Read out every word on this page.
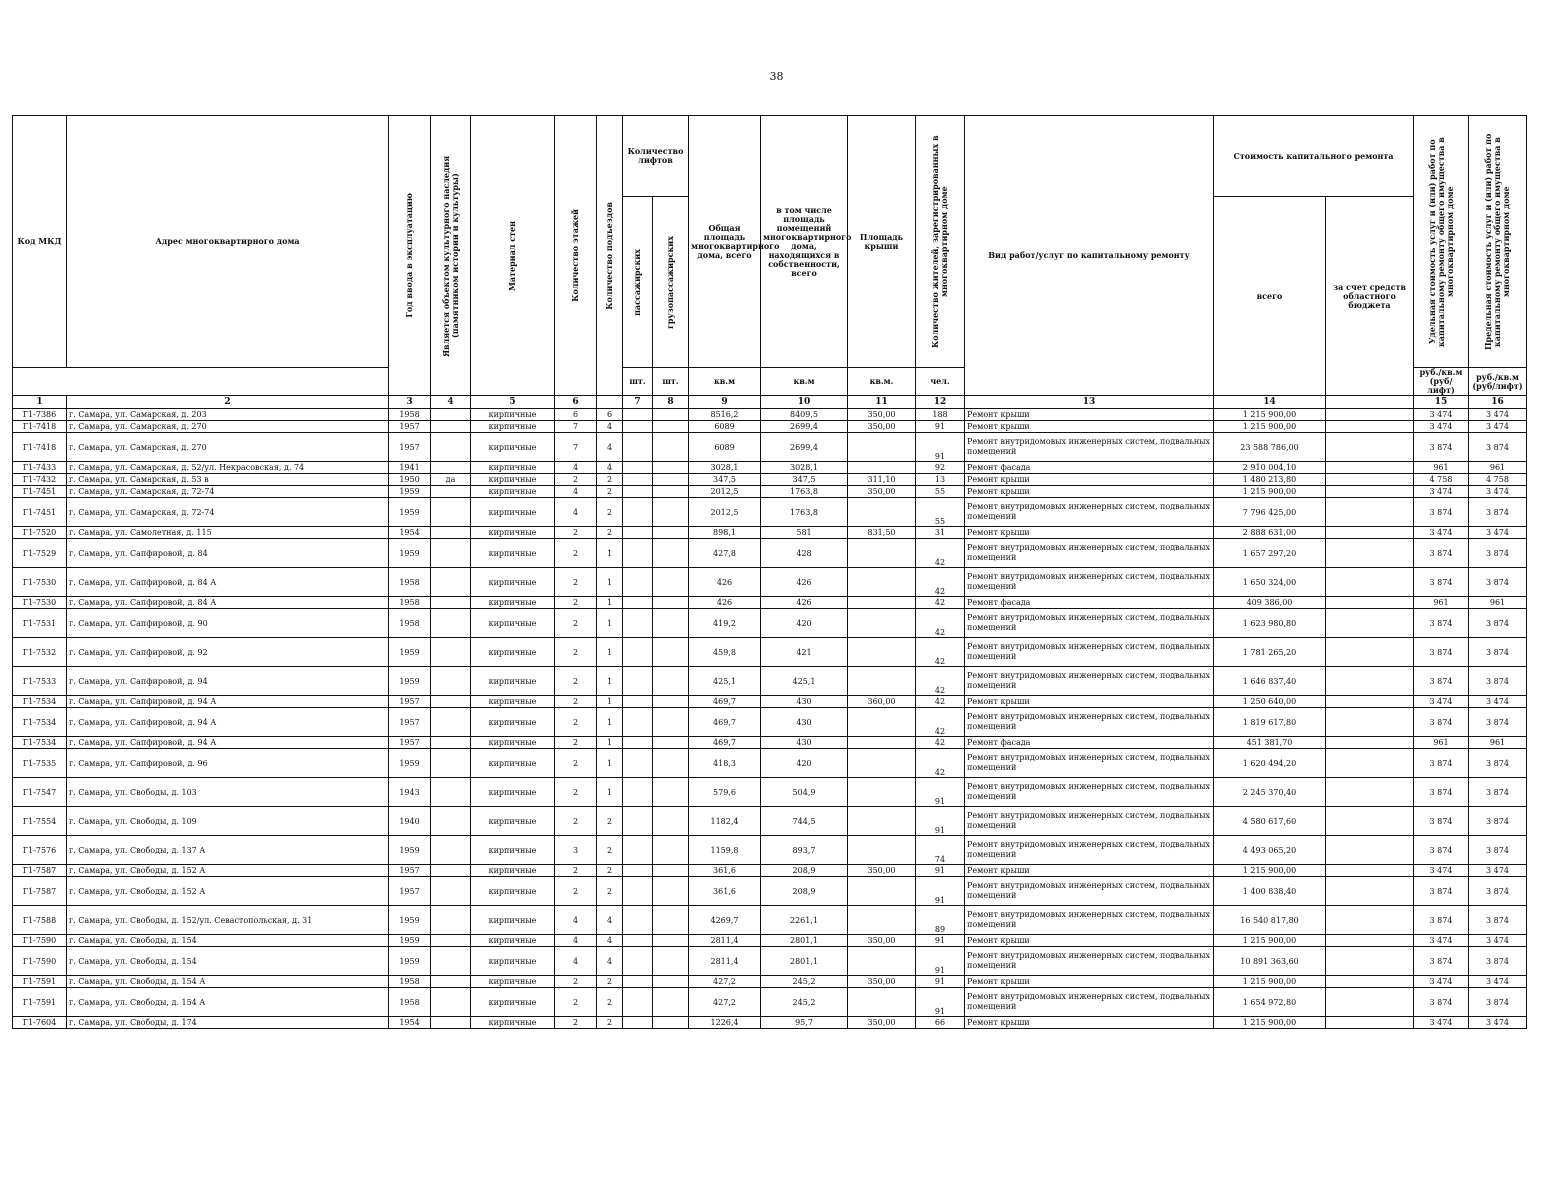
38
Код МКД	Адрес многоквартирного дома	Год ввода в эксплуатацию	Является объектом культурного наследия (памятником истории и культуры)	Материал стен	Количество этажей	Количество подъездов	Количество лифтов		Общая площадь многоквартирного дома, всего	в том числе площадь помещений многоквартирного дома, находящихся в собственности, всего	Площадь крыши	Количество жителей, зарегистрированных в многоквартирном доме	Вид работ/услуг по капитальному ремонту	Стоимость капитального ремонта		Удельная стоимость услуг и (или) работ по капитальному ремонту общего имущества в многоквартирном доме	Предельная стоимость услуг и (или) работ по капитальному ремонту общего имущества в многоквартирном доме

							пассажирских	грузопассажирских						всего	за счет средств областного бюджета		
							шт.	шт.	кв.м	кв.м	кв.м.	чел.				руб./кв.м (руб/лифт)	руб./кв.м (руб/лифт)
1	2	3	4	5	6		7	8	9	10	11	12	13	14		15	16
Г1-7386	г. Самара, ул. Самарская, д. 203	1958		кирпичные	6	6			8516,2	8409,5	350,00	188	Ремонт крыши	1 215 900,00		3 474	3 474
Г1-7418	г. Самара, ул. Самарская, д. 270	1957		кирпичные	7	4			6089	2699,4	350,00	91	Ремонт крыши	1 215 900,00		3 474	3 474
Г1-7418	г. Самара, ул. Самарская, д. 270	1957		кирпичные	7	4			6089	2699,4		91	Ремонт внутридомовых инженерных систем, подвальных помещений	23 588 786,00		3 874	3 874
Г1-7433	г. Самара, ул. Самарская, д. 52/ул. Некрасовская, д. 74	1941		кирпичные	4	4			3028,1	3028,1		92	Ремонт фасада	2 910 004,10		961	961
Г1-7432	г. Самара, ул. Самарская, д. 53 в	1950	да	кирпичные	2	2			347,5	347,5	311,10	13	Ремонт крыши	1 480 213,80		4 758	4 758
Г1-7451	г. Самара, ул. Самарская, д. 72-74	1959		кирпичные	4	2			2012,5	1763,8	350,00	55	Ремонт крыши	1 215 900,00		3 474	3 474
Г1-7451	г. Самара, ул. Самарская, д. 72-74	1959		кирпичные	4	2			2012,5	1763,8		55	Ремонт внутридомовых инженерных систем, подвальных помещений	7 796 425,00		3 874	3 874
Г1-7520	г. Самара, ул. Самолетная, д. 115	1954		кирпичные	2	2			898,1	581	831,50	31	Ремонт крыши	2 888 631,00		3 474	3 474
Г1-7529	г. Самара, ул. Сапфировой, д. 84	1959		кирпичные	2	1			427,8	428		42	Ремонт внутридомовых инженерных систем, подвальных помещений	1 657 297,20		3 874	3 874
Г1-7530	г. Самара, ул. Сапфировой, д. 84 А	1958		кирпичные	2	1			426	426		42	Ремонт внутридомовых инженерных систем, подвальных помещений	1 650 324,00		3 874	3 874
Г1-7530	г. Самара, ул. Сапфировой, д. 84 А	1958		кирпичные	2	1			426	426		42	Ремонт фасада	409 386,00		961	961
Г1-7531	г. Самара, ул. Сапфировой, д. 90	1958		кирпичные	2	1			419,2	420		42	Ремонт внутридомовых инженерных систем, подвальных помещений	1 623 980,80		3 874	3 874
Г1-7532	г. Самара, ул. Сапфировой, д. 92	1959		кирпичные	2	1			459,8	421		42	Ремонт внутридомовых инженерных систем, подвальных помещений	1 781 265,20		3 874	3 874
Г1-7533	г. Самара, ул. Сапфировой, д. 94	1959		кирпичные	2	1			425,1	425,1		42	Ремонт внутридомовых инженерных систем, подвальных помещений	1 646 837,40		3 874	3 874
Г1-7534	г. Самара, ул. Сапфировой, д. 94 А	1957		кирпичные	2	1			469,7	430	360,00	42	Ремонт крыши	1 250 640,00		3 474	3 474
Г1-7534	г. Самара, ул. Сапфировой, д. 94 А	1957		кирпичные	2	1			469,7	430		42	Ремонт внутридомовых инженерных систем, подвальных помещений	1 819 617,80		3 874	3 874
Г1-7534	г. Самара, ул. Сапфировой, д. 94 А	1957		кирпичные	2	1			469,7	430		42	Ремонт фасада	451 381,70		961	961
Г1-7535	г. Самара, ул. Сапфировой, д. 96	1959		кирпичные	2	1			418,3	420		42	Ремонт внутридомовых инженерных систем, подвальных помещений	1 620 494,20		3 874	3 874
Г1-7547	г. Самара, ул. Свободы, д. 103	1943		кирпичные	2	1			579,6	504,9		91	Ремонт внутридомовых инженерных систем, подвальных помещений	2 245 370,40		3 874	3 874
Г1-7554	г. Самара, ул. Свободы, д. 109	1940		кирпичные	2	2			1182,4	744,5		91	Ремонт внутридомовых инженерных систем, подвальных помещений	4 580 617,60		3 874	3 874
Г1-7576	г. Самара, ул. Свободы, д. 137 А	1959		кирпичные	3	2			1159,8	893,7		74	Ремонт внутридомовых инженерных систем, подвальных помещений	4 493 065,20		3 874	3 874
Г1-7587	г. Самара, ул. Свободы, д. 152 А	1957		кирпичные	2	2			361,6	208,9	350,00	91	Ремонт крыши	1 215 900,00		3 474	3 474
Г1-7587	г. Самара, ул. Свободы, д. 152 А	1957		кирпичные	2	2			361,6	208,9		91	Ремонт внутридомовых инженерных систем, подвальных помещений	1 400 838,40		3 874	3 874
Г1-7588	г. Самара, ул. Свободы, д. 152/ул. Севастопольская, д. 31	1959		кирпичные	4	4			4269,7	2261,1		89	Ремонт внутридомовых инженерных систем, подвальных помещений	16 540 817,80		3 874	3 874
Г1-7590	г. Самара, ул. Свободы, д. 154	1959		кирпичные	4	4			2811,4	2801,1	350,00	91	Ремонт крыши	1 215 900,00		3 474	3 474
Г1-7590	г. Самара, ул. Свободы, д. 154	1959		кирпичные	4	4			2811,4	2801,1		91	Ремонт внутридомовых инженерных систем, подвальных помещений	10 891 363,60		3 874	3 874
Г1-7591	г. Самара, ул. Свободы, д. 154 А	1958		кирпичные	2	2			427,2	245,2	350,00	91	Ремонт крыши	1 215 900,00		3 474	3 474
Г1-7591	г. Самара, ул. Свободы, д. 154 А	1958		кирпичные	2	2			427,2	245,2		91	Ремонт внутридомовых инженерных систем, подвальных помещений	1 654 972,80		3 874	3 874
Г1-7604	г. Самара, ул. Свободы, д. 174	1954		кирпичные	2	2			1226,4	95,7	350,00	66	Ремонт крыши	1 215 900,00		3 474	3 474
